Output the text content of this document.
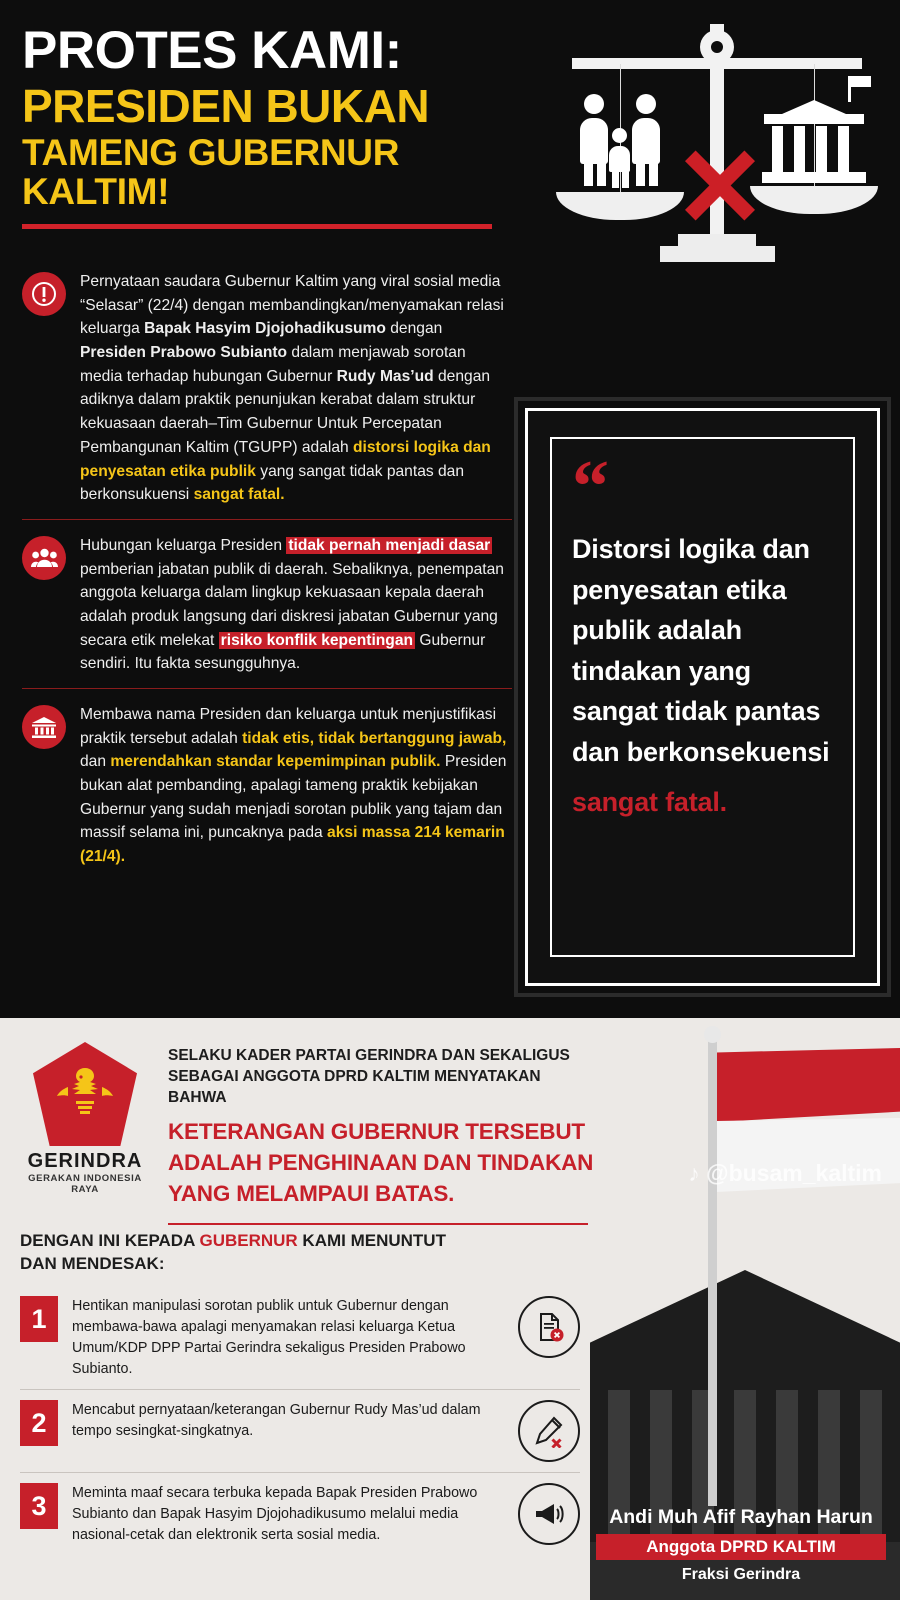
PROTES KAMI:
PRESIDEN BUKAN
TAMENG GUBERNUR KALTIM!
Pernyataan saudara Gubernur Kaltim yang viral sosial media “Selasar” (22/4) dengan membandingkan/menyamakan relasi keluarga Bapak Hasyim Djojohadikusumo dengan Presiden Prabowo Subianto dalam menjawab sorotan media terhadap hubungan Gubernur Rudy Mas’ud dengan adiknya dalam praktik penunjukan kerabat dalam struktur kekuasaan daerah–Tim Gubernur Untuk Percepatan Pembangunan Kaltim (TGUPP) adalah distorsi logika dan penyesatan etika publik yang sangat tidak pantas dan berkonsukuensi sangat fatal.
Hubungan keluarga Presiden tidak pernah menjadi dasar pemberian jabatan publik di daerah. Sebaliknya, penempatan anggota keluarga dalam lingkup kekuasaan kepala daerah adalah produk langsung dari diskresi jabatan Gubernur yang secara etik melekat risiko konflik kepentingan Gubernur sendiri. Itu fakta sesungguhnya.
Membawa nama Presiden dan keluarga untuk menjustifikasi praktik tersebut adalah tidak etis, tidak bertanggung jawab, dan merendahkan standar kepemimpinan publik. Presiden bukan alat pembanding, apalagi tameng praktik kebijakan Gubernur yang sudah menjadi sorotan publik yang tajam dan massif selama ini, puncaknya pada aksi massa 214 kemarin (21/4).
“
Distorsi logika dan penyesatan etika publik adalah tindakan yang sangat tidak pantas dan berkonsekuensi sangat fatal.
♪ @busam_kaltim
Andi Muh Afif Rayhan Harun
Anggota DPRD KALTIM
Fraksi Gerindra
GERINDRA
GERAKAN INDONESIA RAYA
SELAKU KADER PARTAI GERINDRA DAN SEKALIGUS
SEBAGAI ANGGOTA DPRD KALTIM MENYATAKAN BAHWA
KETERANGAN GUBERNUR TERSEBUT
ADALAH PENGHINAAN DAN TINDAKAN
YANG MELAMPAUI BATAS.
DENGAN INI KEPADA GUBERNUR KAMI MENUNTUT
DAN MENDESAK:
1	Hentikan manipulasi sorotan publik untuk Gubernur dengan membawa-bawa apalagi menyamakan relasi keluarga Ketua Umum/KDP DPP Partai Gerindra sekaligus Presiden Prabowo Subianto.
2	Mencabut pernyataan/keterangan Gubernur Rudy Mas’ud dalam tempo sesingkat-singkatnya.
3	Meminta maaf secara terbuka kepada Bapak Presiden Prabowo Subianto dan Bapak Hasyim Djojohadikusumo melalui media nasional-cetak dan elektronik serta sosial media.
